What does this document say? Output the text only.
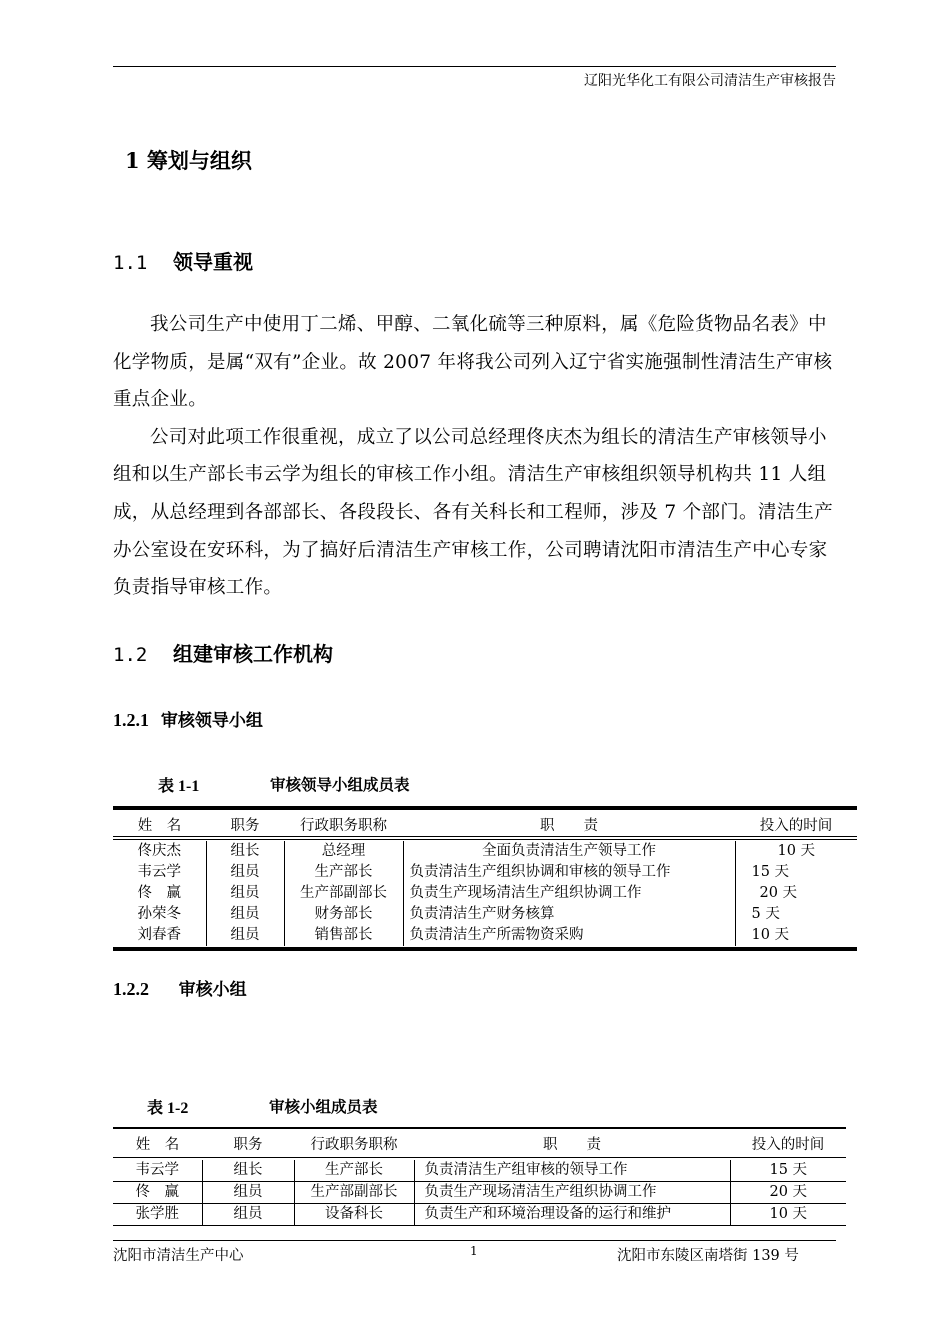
辽阳光华化工有限公司清洁生产审核报告
1 筹划与组织
1.1 领导重视

我公司生产中使用丁二烯、甲醇、二氧化硫等三种原料，属《危险货物品名表》中化学物质，是属“双有”企业。故 2007 年将我公司列入辽宁省实施强制性清洁生产审核重点企业。

公司对此项工作很重视，成立了以公司总经理佟庆杰为组长的清洁生产审核领导小组和以生产部长韦云学为组长的审核工作小组。清洁生产审核组织领导机构共 11 人组成，从总经理到各部部长、各段段长、各有关科长和工程师，涉及 7 个部门。清洁生产办公室设在安环科，为了搞好后清洁生产审核工作，公司聘请沈阳市清洁生产中心专家负责指导审核工作。

1.2 组建审核工作机构
1.2.1 审核领导小组
表 1-1	审核领导小组成员表
姓　名	职务	行政职务职称	职　　责	投入的时间
佟庆杰	组长	总经理	全面负责清洁生产领导工作	10 天
韦云学	组员	生产部长	负责清洁生产组织协调和审核的领导工作	15 天
佟　赢	组员	生产部副部长	负责生产现场清洁生产组织协调工作	20 天
孙荣冬	组员	财务部长	负责清洁生产财务核算	5 天
刘春香	组员	销售部长	负责清洁生产所需物资采购	10 天
1.2.2 审核小组
表 1-2	审核小组成员表
姓　名	职务	行政职务职称	职　　责	投入的时间
韦云学	组长	生产部长	负责清洁生产组审核的领导工作	15 天
佟　赢	组员	生产部副部长	负责生产现场清洁生产组织协调工作	20 天
张学胜	组员	设备科长	负责生产和环境治理设备的运行和维护	10 天
沈阳市清洁生产中心	1	沈阳市东陵区南塔街 139 号
